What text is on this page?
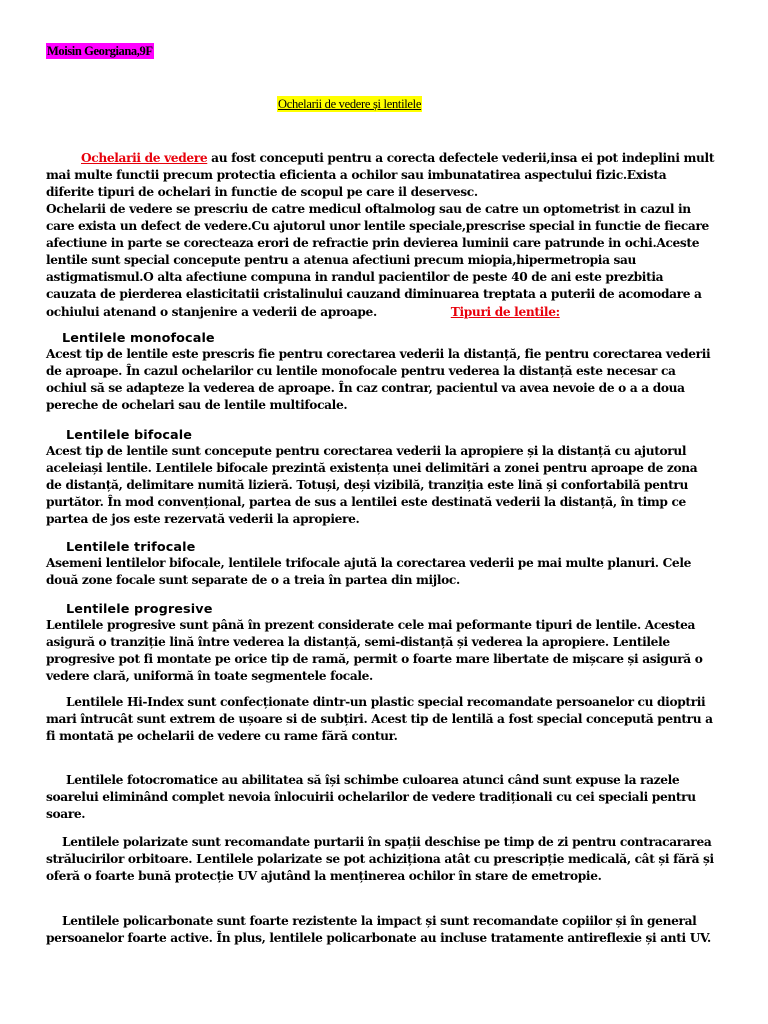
Moisin Georgiana,9F
Ochelarii de vedere și lentilele
Ochelarii de vedere au fost conceputi pentru a corecta defectele vederii,insa ei pot indeplini mult mai multe functii precum protectia eficienta a ochilor sau imbunatatirea aspectului fizic.Exista diferite tipuri de ochelari in functie de scopul pe care il deservesc.
Ochelarii de vedere se prescriu de catre medicul oftalmolog sau de catre un optometrist in cazul in care exista un defect de vedere.Cu ajutorul unor lentile speciale,prescrise special in functie de fiecare afectiune in parte se corecteaza erori de refractie prin devierea luminii care patrunde in ochi.Aceste lentile sunt special concepute pentru a atenua afectiuni precum miopia,hipermetropia sau astigmatismul.O alta afectiune compuna in randul pacientilor de peste 40 de ani este prezbitia cauzata de pierderea elasticitatii cristalinului cauzand diminuarea treptata a puterii de acomodare a ochiului atenand o stanjenire a vederii de aproape.	Tipuri de lentile:
Lentilele monofocale
Acest tip de lentile este prescris fie pentru corectarea vederii la distanță, fie pentru corectarea vederii de aproape. În cazul ochelarilor cu lentile monofocale pentru vederea la distanță este necesar ca ochiul să se adapteze la vederea de aproape. În caz contrar, pacientul va avea nevoie de o a a doua pereche de ochelari sau de lentile multifocale.
Lentilele bifocale
Acest tip de lentile sunt concepute pentru corectarea vederii la apropiere și la distanță cu ajutorul aceleiași lentile. Lentilele bifocale prezintă existența unei delimitări a zonei pentru aproape de zona de distanță, delimitare numită lizieră. Totuși, deși vizibilă, tranziția este lină și confortabilă pentru purtător. În mod convențional, partea de sus a lentilei este destinată vederii la distanță, în timp ce partea de jos este rezervată vederii la apropiere.
Lentilele trifocale
Asemeni lentilelor bifocale, lentilele trifocale ajută la corectarea vederii pe mai multe planuri. Cele două zone focale sunt separate de o a treia în partea din mijloc.
Lentilele progresive
Lentilele progresive sunt până în prezent considerate cele mai peformante tipuri de lentile. Acestea asigură o tranziție lină între vederea la distanță, semi-distanță și vederea la apropiere. Lentilele progresive pot fi montate pe orice tip de ramă, permit o foarte mare libertate de mișcare și asigură o vedere clară, uniformă în toate segmentele focale.
Lentilele Hi-Index sunt confecționate dintr-un plastic special recomandate persoanelor cu dioptrii mari întrucât sunt extrem de ușoare si de subțiri. Acest tip de lentilă a fost special concepută pentru a fi montată pe ochelarii de vedere cu rame fără contur.
Lentilele fotocromatice au abilitatea să își schimbe culoarea atunci când sunt expuse la razele soarelui eliminând complet nevoia înlocuirii ochelarilor de vedere tradiționali cu cei speciali pentru soare.
Lentilele polarizate sunt recomandate purtarii în spații deschise pe timp de zi pentru contracararea strălucirilor orbitoare. Lentilele polarizate se pot achiziționa atât cu prescripție medicală, cât și fără și oferă o foarte bună protecție UV ajutând la menținerea ochilor în stare de emetropie.
Lentilele policarbonate sunt foarte rezistente la impact și sunt recomandate copiilor și în general persoanelor foarte active. În plus, lentilele policarbonate au incluse tratamente antireflexie și anti UV.
